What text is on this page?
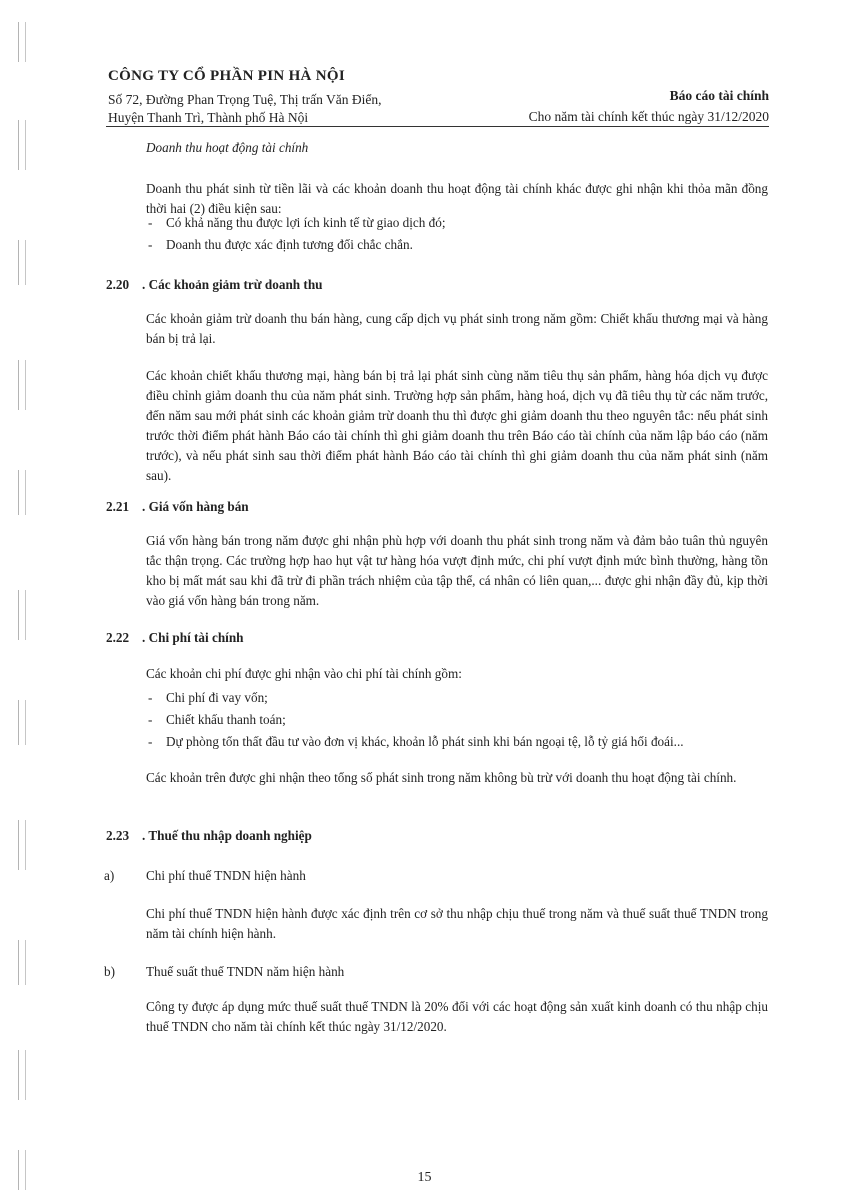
CÔNG TY CỔ PHẦN PIN HÀ NỘI
Số 72, Đường Phan Trọng Tuệ, Thị trấn Văn Điển,
Huyện Thanh Trì, Thành phố Hà Nội
Báo cáo tài chính
Cho năm tài chính kết thúc ngày 31/12/2020
Doanh thu hoạt động tài chính
Doanh thu phát sinh từ tiền lãi và các khoản doanh thu hoạt động tài chính khác được ghi nhận khi thỏa mãn đồng thời hai (2) điều kiện sau:
- Có khả năng thu được lợi ích kinh tế từ giao dịch đó;
- Doanh thu được xác định tương đối chắc chắn.
2.20 . Các khoản giảm trừ doanh thu
Các khoản giảm trừ doanh thu bán hàng, cung cấp dịch vụ phát sinh trong năm gồm: Chiết khấu thương mại và hàng bán bị trả lại.
Các khoản chiết khấu thương mại, hàng bán bị trả lại phát sinh cùng năm tiêu thụ sản phẩm, hàng hóa dịch vụ được điều chỉnh giảm doanh thu của năm phát sinh. Trường hợp sản phẩm, hàng hoá, dịch vụ đã tiêu thụ từ các năm trước, đến năm sau mới phát sinh các khoản giảm trừ doanh thu thì được ghi giảm doanh thu theo nguyên tắc: nếu phát sinh trước thời điểm phát hành Báo cáo tài chính thì ghi giảm doanh thu trên Báo cáo tài chính của năm lập báo cáo (năm trước), và nếu phát sinh sau thời điểm phát hành Báo cáo tài chính thì ghi giảm doanh thu của năm phát sinh (năm sau).
2.21 . Giá vốn hàng bán
Giá vốn hàng bán trong năm được ghi nhận phù hợp với doanh thu phát sinh trong năm và đảm bảo tuân thủ nguyên tắc thận trọng. Các trường hợp hao hụt vật tư hàng hóa vượt định mức, chi phí vượt định mức bình thường, hàng tồn kho bị mất mát sau khi đã trừ đi phần trách nhiệm của tập thể, cá nhân có liên quan,... được ghi nhận đầy đủ, kịp thời vào giá vốn hàng bán trong năm.
2.22 . Chi phí tài chính
Các khoản chi phí được ghi nhận vào chi phí tài chính gồm:
- Chi phí đi vay vốn;
- Chiết khấu thanh toán;
- Dự phòng tổn thất đầu tư vào đơn vị khác, khoản lỗ phát sinh khi bán ngoại tệ, lỗ tỷ giá hối đoái...
Các khoản trên được ghi nhận theo tổng số phát sinh trong năm không bù trừ với doanh thu hoạt động tài chính.
2.23 . Thuế thu nhập doanh nghiệp
a) Chi phí thuế TNDN hiện hành
Chi phí thuế TNDN hiện hành được xác định trên cơ sở thu nhập chịu thuế trong năm và thuế suất thuế TNDN trong năm tài chính hiện hành.
b) Thuế suất thuế TNDN năm hiện hành
Công ty được áp dụng mức thuế suất thuế TNDN là 20% đối với các hoạt động sản xuất kinh doanh có thu nhập chịu thuế TNDN cho năm tài chính kết thúc ngày 31/12/2020.
15
